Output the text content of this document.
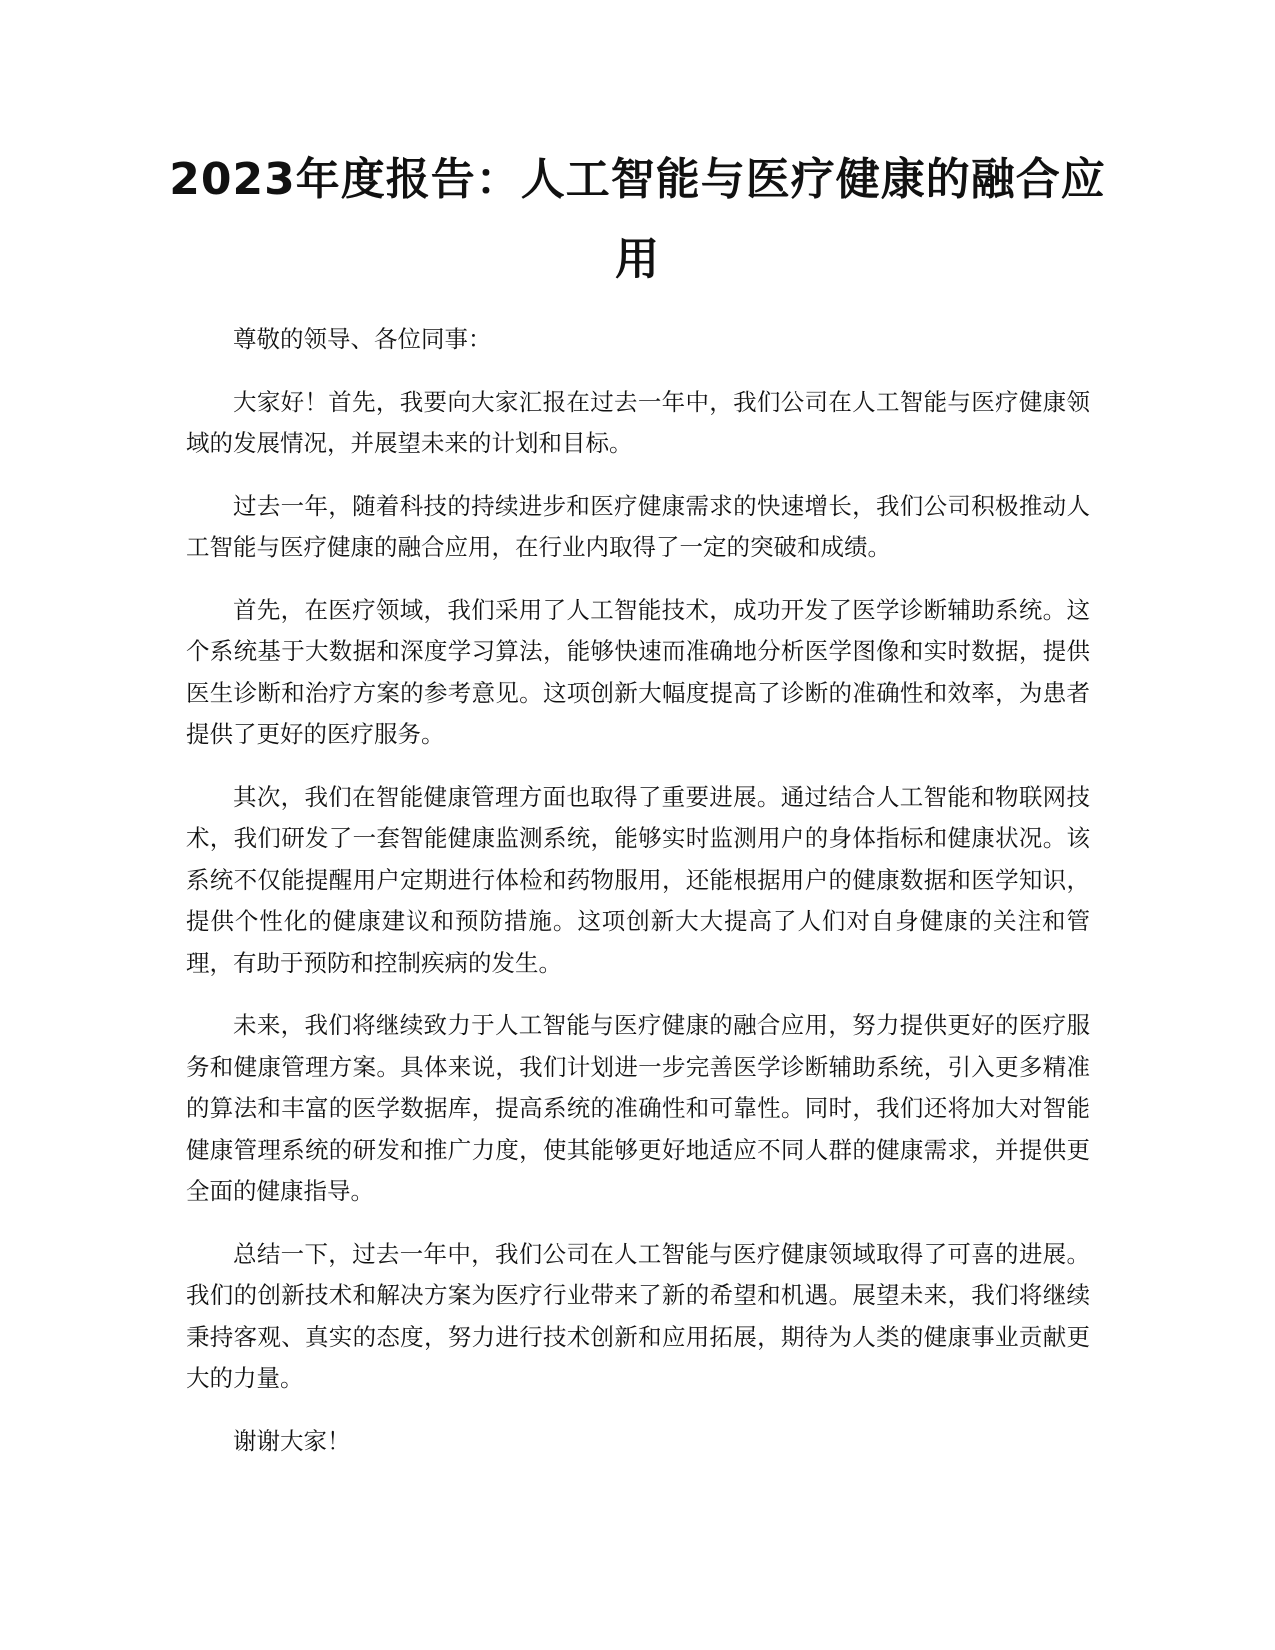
2023年度报告：人工智能与医疗健康的融合应用

尊敬的领导、各位同事：

大家好！首先，我要向大家汇报在过去一年中，我们公司在人工智能与医疗健康领域的发展情况，并展望未来的计划和目标。

过去一年，随着科技的持续进步和医疗健康需求的快速增长，我们公司积极推动人工智能与医疗健康的融合应用，在行业内取得了一定的突破和成绩。

首先，在医疗领域，我们采用了人工智能技术，成功开发了医学诊断辅助系统。这个系统基于大数据和深度学习算法，能够快速而准确地分析医学图像和实时数据，提供医生诊断和治疗方案的参考意见。这项创新大幅度提高了诊断的准确性和效率，为患者提供了更好的医疗服务。

其次，我们在智能健康管理方面也取得了重要进展。通过结合人工智能和物联网技术，我们研发了一套智能健康监测系统，能够实时监测用户的身体指标和健康状况。该系统不仅能提醒用户定期进行体检和药物服用，还能根据用户的健康数据和医学知识，提供个性化的健康建议和预防措施。这项创新大大提高了人们对自身健康的关注和管理，有助于预防和控制疾病的发生。

未来，我们将继续致力于人工智能与医疗健康的融合应用，努力提供更好的医疗服务和健康管理方案。具体来说，我们计划进一步完善医学诊断辅助系统，引入更多精准的算法和丰富的医学数据库，提高系统的准确性和可靠性。同时，我们还将加大对智能健康管理系统的研发和推广力度，使其能够更好地适应不同人群的健康需求，并提供更全面的健康指导。

总结一下，过去一年中，我们公司在人工智能与医疗健康领域取得了可喜的进展。我们的创新技术和解决方案为医疗行业带来了新的希望和机遇。展望未来，我们将继续秉持客观、真实的态度，努力进行技术创新和应用拓展，期待为人类的健康事业贡献更大的力量。

谢谢大家！
